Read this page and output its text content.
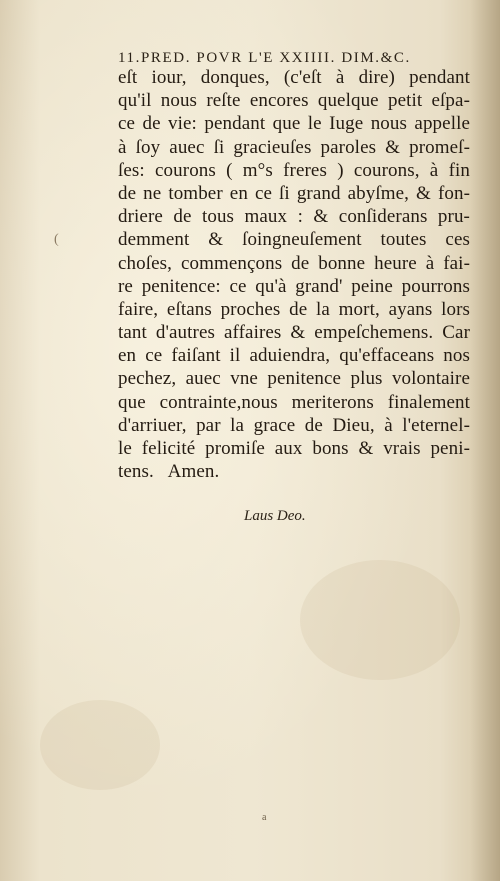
11.PRED. POVR L'E XXIIII. DIM.&C.
(
eſt iour, donques, (c'eſt à dire) pendant
qu'il nous reſte encores quelque petit eſpa-
ce de vie: pendant que le Iuge nous appelle
à ſoy auec ſi gracieuſes paroles & promeſ-
ſes: courons ( m°s freres ) courons, à fin
de ne tomber en ce ſi grand abyſme, & fon-
driere de tous maux : & conſiderans pru-
demment & ſoingneuſement toutes ces
choſes, commençons de bonne heure à fai-
re penitence: ce qu'à grand' peine pourrons
faire, eſtans proches de la mort, ayans lors
tant d'autres affaires & empeſchemens. Car
en ce faiſant il aduiendra, qu'effaceans nos
pechez, auec vne penitence plus volontaire
que contrainte,nous meriterons finalement
d'arriuer, par la grace de Dieu, à l'eternel-
le felicité promiſe aux bons & vrais peni-
tens. Amen.
Laus Deo.
a
